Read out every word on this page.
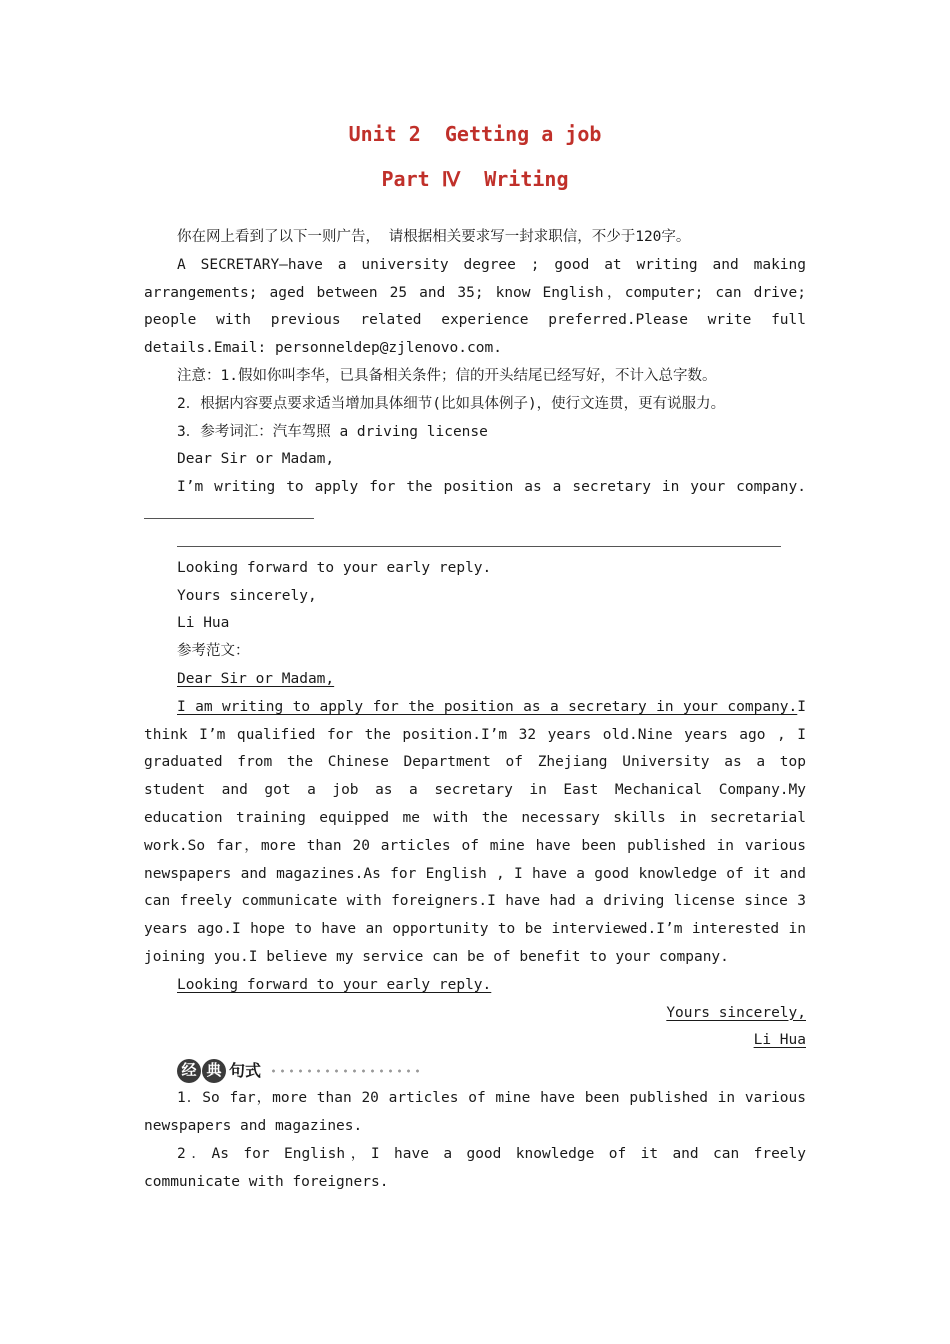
Unit 2  Getting a job
Part Ⅳ  Writing

你在网上看到了以下一则广告， 请根据相关要求写一封求职信，不少于120字。

A SECRETARY—have a university degree ; good at writing and making arrangements; aged between 25 and 35; know English，computer; can drive; people with previous related experience preferred.Please write full details.Email: personneldep@zjlenovo.com.

注意：1.假如你叫李华，已具备相关条件；信的开头结尾已经写好，不计入总字数。

2．根据内容要点要求适当增加具体细节(比如具体例子)，使行文连贯，更有说服力。

3．参考词汇：汽车驾照 a driving license

Dear Sir or Madam,

I’m writing to apply for the position as a secretary in your company.

Looking forward to your early reply.

Yours sincerely,

Li Hua

参考范文：

Dear Sir or Madam,

I am writing to apply for the position as a secretary in your company.I think I’m qualified for the position.I’m 32 years old.Nine years ago , I graduated from the Chinese Department of Zhejiang University as a top student and got a job as a secretary in East Mechanical Company.My education training equipped me with the necessary skills in secretarial work.So far，more than 20 articles of mine have been published in various newspapers and magazines.As for English , I have a good knowledge of it and can freely communicate with foreigners.I have had a driving license since 3 years ago.I hope to have an opportunity to be interviewed.I’m interested in joining you.I believe my service can be of benefit to your company.

Looking forward to your early reply.

Yours sincerely,

Li Hua

经 典 句式

1．So far，more than 20 articles of mine have been published in various newspapers and magazines.

2．As for English，I have a good knowledge of it and can freely communicate with foreigners.
